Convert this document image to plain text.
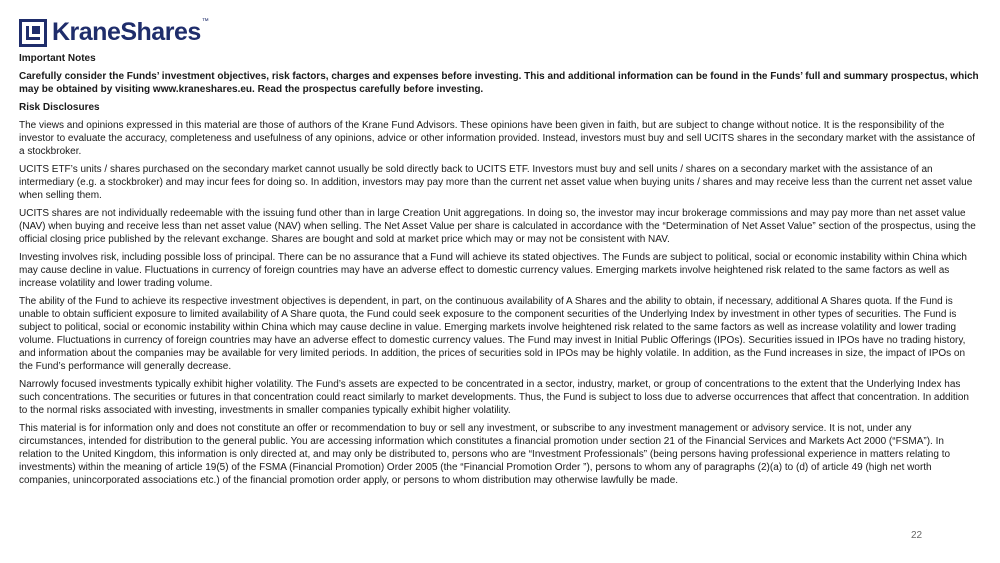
KraneShares™

Important Notes

Carefully consider the Funds’ investment objectives, risk factors, charges and expenses before investing. This and additional information can be found in the Funds’ full and summary prospectus, which may be obtained by visiting www.kraneshares.eu. Read the prospectus carefully before investing.

Risk Disclosures

The views and opinions expressed in this material are those of authors of the Krane Fund Advisors. These opinions have been given in faith, but are subject to change without notice. It is the responsibility of the investor to evaluate the accuracy, completeness and usefulness of any opinions, advice or other information provided. Instead, investors must buy and sell UCITS shares in the secondary market with the assistance of a stockbroker.

UCITS ETF’s units / shares purchased on the secondary market cannot usually be sold directly back to UCITS ETF. Investors must buy and sell units / shares on a secondary market with the assistance of an intermediary (e.g. a stockbroker) and may incur fees for doing so. In addition, investors may pay more than the current net asset value when buying units / shares and may receive less than the current net asset value when selling them.

UCITS shares are not individually redeemable with the issuing fund other than in large Creation Unit aggregations. In doing so, the investor may incur brokerage commissions and may pay more than net asset value (NAV) when buying and receive less than net asset value (NAV) when selling. The Net Asset Value per share is calculated in accordance with the “Determination of Net Asset Value” section of the prospectus, using the official closing price published by the relevant exchange. Shares are bought and sold at market price which may or may not be consistent with NAV.

Investing involves risk, including possible loss of principal. There can be no assurance that a Fund will achieve its stated objectives. The Funds are subject to political, social or economic instability within China which may cause decline in value. Fluctuations in currency of foreign countries may have an adverse effect to domestic currency values. Emerging markets involve heightened risk related to the same factors as well as increase volatility and lower trading volume.

The ability of the Fund to achieve its respective investment objectives is dependent, in part, on the continuous availability of A Shares and the ability to obtain, if necessary, additional A Shares quota. If the Fund is unable to obtain sufficient exposure to limited availability of A Share quota, the Fund could seek exposure to the component securities of the Underlying Index by investment in other types of securities. The Fund is subject to political, social or economic instability within China which may cause decline in value. Emerging markets involve heightened risk related to the same factors as well as increase volatility and lower trading volume. Fluctuations in currency of foreign countries may have an adverse effect to domestic currency values. The Fund may invest in Initial Public Offerings (IPOs). Securities issued in IPOs have no trading history, and information about the companies may be available for very limited periods. In addition, the prices of securities sold in IPOs may be highly volatile. In addition, as the Fund increases in size, the impact of IPOs on the Fund’s performance will generally decrease.

Narrowly focused investments typically exhibit higher volatility. The Fund’s assets are expected to be concentrated in a sector, industry, market, or group of concentrations to the extent that the Underlying Index has such concentrations. The securities or futures in that concentration could react similarly to market developments. Thus, the Fund is subject to loss due to adverse occurrences that affect that concentration. In addition to the normal risks associated with investing, investments in smaller companies typically exhibit higher volatility.

This material is for information only and does not constitute an offer or recommendation to buy or sell any investment, or subscribe to any investment management or advisory service. It is not, under any circumstances, intended for distribution to the general public. You are accessing information which constitutes a financial promotion under section 21 of the Financial Services and Markets Act 2000 (“FSMA”). In relation to the United Kingdom, this information is only directed at, and may only be distributed to, persons who are “Investment Professionals” (being persons having professional experience in matters relating to investments) within the meaning of article 19(5) of the FSMA (Financial Promotion) Order 2005 (the “Financial Promotion Order ”), persons to whom any of paragraphs (2)(a) to (d) of article 49 (high net worth companies, unincorporated associations etc.) of the financial promotion order apply, or persons to whom distribution may otherwise lawfully be made.

22
